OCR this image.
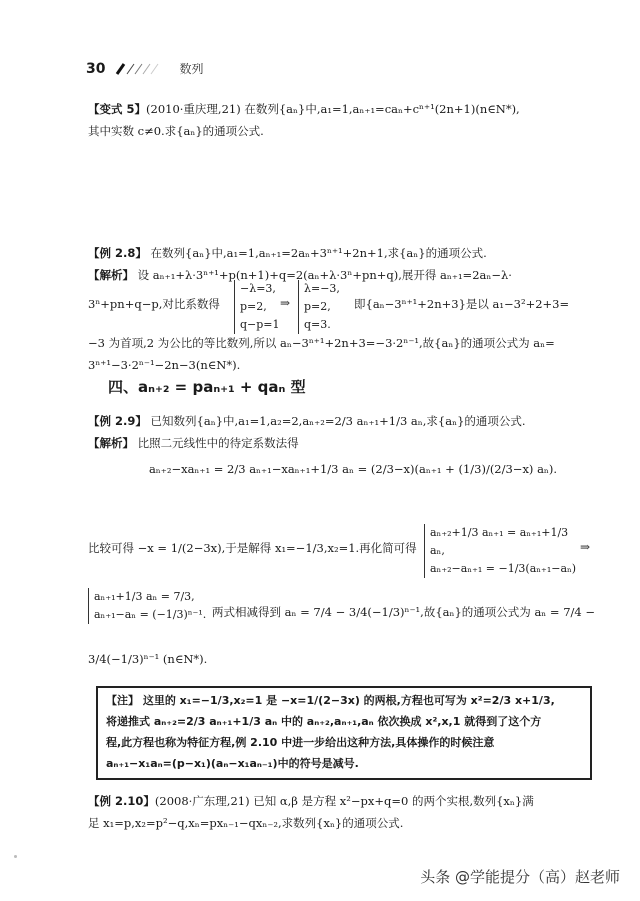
30	数列
【变式 5】(2010·重庆理,21) 在数列{aₙ}中,a₁=1,aₙ₊₁=caₙ+cⁿ⁺¹(2n+1)(n∈N*),
其中实数 c≠0.求{aₙ}的通项公式.
【例 2.8】 在数列{aₙ}中,a₁=1,aₙ₊₁=2aₙ+3ⁿ⁺¹+2n+1,求{aₙ}的通项公式.
【解析】 设 aₙ₊₁+λ·3ⁿ⁺¹+p(n+1)+q=2(aₙ+λ·3ⁿ+pn+q),展开得 aₙ₊₁=2aₙ−λ·
3ⁿ+pn+q−p,对比系数得
−λ=3,
p=2,
q−p=1
⇒
λ=−3,
p=2,
q=3.
即{aₙ−3ⁿ⁺¹+2n+3}是以 a₁−3²+2+3=
−3 为首项,2 为公比的等比数列,所以 aₙ−3ⁿ⁺¹+2n+3=−3·2ⁿ⁻¹,故{aₙ}的通项公式为 aₙ=
3ⁿ⁺¹−3·2ⁿ⁻¹−2n−3(n∈N*).
四、aₙ₊₂ = paₙ₊₁ + qaₙ 型
【例 2.9】 已知数列{aₙ}中,a₁=1,a₂=2,aₙ₊₂=2/3 aₙ₊₁+1/3 aₙ,求{aₙ}的通项公式.
【解析】 比照二元线性中的待定系数法得
aₙ₊₂−xaₙ₊₁ = 2/3 aₙ₊₁−xaₙ₊₁+1/3 aₙ = (2/3−x)(aₙ₊₁ + (1/3)/(2/3−x) aₙ).
比较可得 −x = 1/(2−3x),于是解得 x₁=−1/3,x₂=1.再化简可得
aₙ₊₂+1/3 aₙ₊₁ = aₙ₊₁+1/3 aₙ,
aₙ₊₂−aₙ₊₁ = −1/3(aₙ₊₁−aₙ)
⇒
aₙ₊₁+1/3 aₙ = 7/3,
aₙ₊₁−aₙ = (−1/3)ⁿ⁻¹. 两式相减得到 aₙ = 7/4 − 3/4(−1/3)ⁿ⁻¹,故{aₙ}的通项公式为 aₙ = 7/4 −
3/4(−1/3)ⁿ⁻¹ (n∈N*).
【注】 这里的 x₁=−1/3,x₂=1 是 −x=1/(2−3x) 的两根,方程也可写为 x²=2/3 x+1/3,
将递推式 aₙ₊₂=2/3 aₙ₊₁+1/3 aₙ 中的 aₙ₊₂,aₙ₊₁,aₙ 依次换成 x²,x,1 就得到了这个方
程,此方程也称为特征方程,例 2.10 中进一步给出这种方法,具体操作的时候注意
aₙ₊₁−x₁aₙ=(p−x₁)(aₙ−x₁aₙ₋₁)中的符号是减号.
【例 2.10】(2008·广东理,21) 已知 α,β 是方程 x²−px+q=0 的两个实根,数列{xₙ}满
足 x₁=p,x₂=p²−q,xₙ=pxₙ₋₁−qxₙ₋₂,求数列{xₙ}的通项公式.
头条 @学能提分（高）赵老师
